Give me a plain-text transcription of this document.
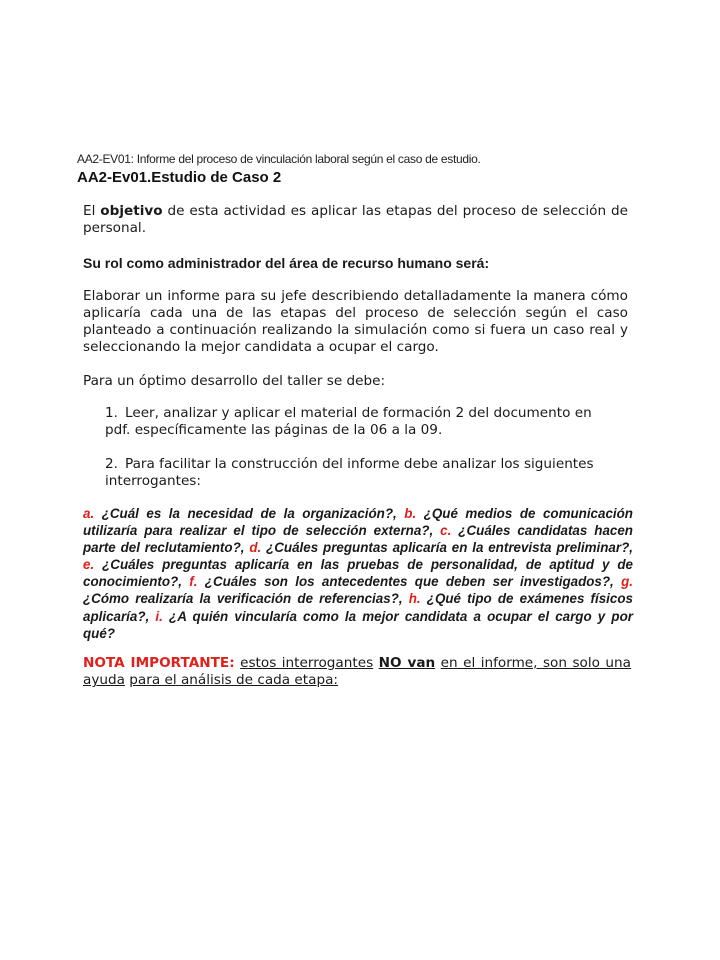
AA2-EV01: Informe del proceso de vinculación laboral según el caso de estudio.
AA2-Ev01.Estudio de Caso 2
El objetivo de esta actividad es aplicar las etapas del proceso de selección de personal.
Su rol como administrador del área de recurso humano será:
Elaborar un informe para su jefe describiendo detalladamente la manera cómo aplicaría cada una de las etapas del proceso de selección según el caso planteado a continuación realizando la simulación como si fuera un caso real y seleccionando la mejor candidata a ocupar el cargo.
Para un óptimo desarrollo del taller se debe:
1. Leer, analizar y aplicar el material de formación 2 del documento en pdf. específicamente las páginas de la 06 a la 09.
2. Para facilitar la construcción del informe debe analizar los siguientes interrogantes:
a. ¿Cuál es la necesidad de la organización?, b. ¿Qué medios de comunicación utilizaría para realizar el tipo de selección externa?, c. ¿Cuáles candidatas hacen parte del reclutamiento?, d. ¿Cuáles preguntas aplicaría en la entrevista preliminar?, e. ¿Cuáles preguntas aplicaría en las pruebas de personalidad, de aptitud y de conocimiento?, f. ¿Cuáles son los antecedentes que deben ser investigados?, g. ¿Cómo realizaría la verificación de referencias?, h. ¿Qué tipo de exámenes físicos aplicaría?, i. ¿A quién vincularía como la mejor candidata a ocupar el cargo y por qué?
NOTA IMPORTANTE: estos interrogantes NO van en el informe, son solo una ayuda para el análisis de cada etapa:
